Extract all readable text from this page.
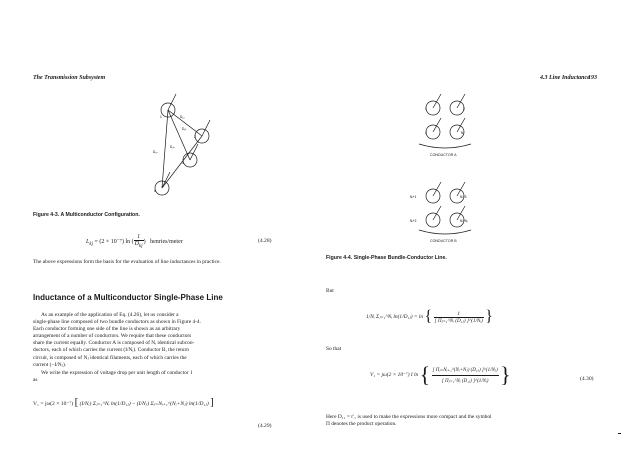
The Transmission Subsystem	4.3 Line Inductance
193
1
2
3
n
D₁₂
D₁ₖ
D₂ₙ
D₁ₙ
Figure 4-3. A Multiconductor Configuration.
$L_{kj} = (2 \times 10^{-7})$ ln ( $\frac{1}{D_{kj}}$ ) henries/meter	(4.28)
The above expressions form the basis for the evaluation of line inductances in practice.
Inductance of a Multiconductor Single-Phase Line
As an example of the application of Eq. (4.26), let us consider a
single-phase line composed of two bundle conductors as shown in Figure 4-4.
Each conductor forming one side of the line is shown as an arbitrary
arrangement of a number of conductors. We require that these conductors
share the current equally. Conductor A is composed of Nᵢ identical subcon-
ductors, each of which carries the current (I/Nᵢ). Conductor B, the return
circuit, is composed of Nⱼ identical filaments, each of which carries the
current (−I/Nⱼ).
We write the expression of voltage drop per unit length of conductor 1
as
V₁ = jω(2 × 10⁻⁷) [ (I/Nᵢ) Σⱼ₌₁^Nᵢ ln(1/D₁ⱼ) − (I/Nⱼ) Σⱼ₌Nᵢ₊₁^(Nᵢ+Nⱼ) ln(1/D₁ⱼ) ]
(4.29)
1	3
2	Nᵢ
Nᵢ+1	Nᵢ+3
Nᵢ+2	Nᵢ+Nⱼ
CONDUCTOR A
CONDUCTOR B
Figure 4-4. Single-Phase Bundle-Conductor Line.
But
1/Nᵢ Σⱼ₌₁^Nᵢ ln(1/D₁ⱼ) = ln { $\frac{1}{\text{[ Πⱼ₌₁\textasciicircum{}Nᵢ (D₁ⱼ) ]\textasciicircum{}(1/Nᵢ)}}$ }
So that
V₁ = jω(2 × 10⁻⁷) I ln { $\frac{\text{[ Πⱼ₌Nᵢ₊₁\textasciicircum{}(Nᵢ+Nⱼ) (D₁ⱼ) ]\textasciicircum{}(1/Nⱼ)}}{\text{[ Πⱼ₌₁\textasciicircum{}Nᵢ (D₁ⱼ) ]\textasciicircum{}(1/Nᵢ)}}$ }	(4.30)
Here D₁₁ = r′₁ is used to make the expressions more compact and the symbol
Π denotes the product operation.
